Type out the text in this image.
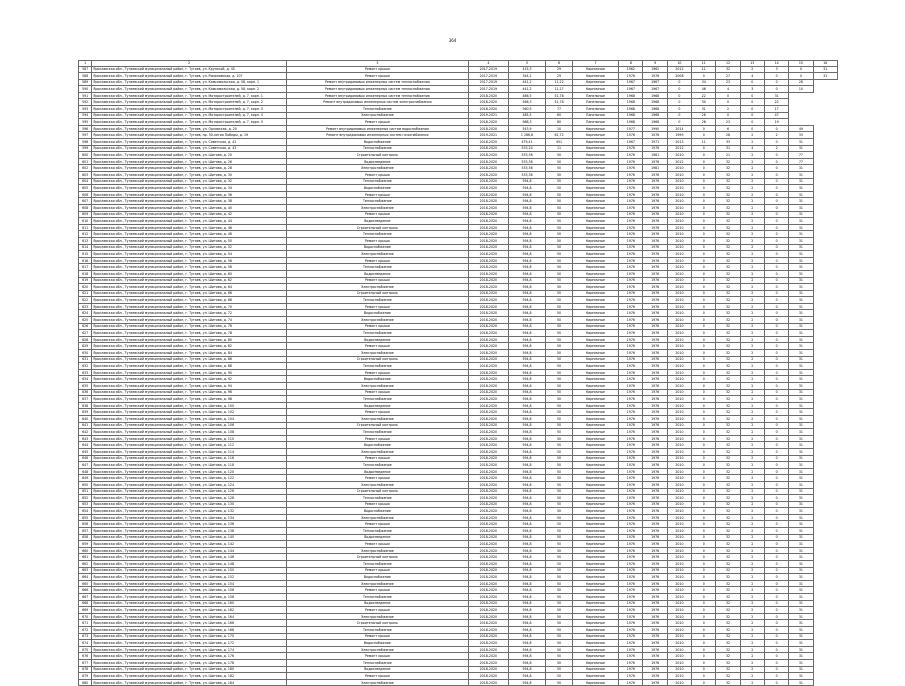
364
1	2	3	4	5	6	7	8	9	10	11	12	13	14	15	16
587	Ярославская обл., Тутаевский муниципальный район, г. Тутаев, ул. Крупской, д. 45	Ремонт крыши	2017-2019	415,3	29	Кирпичные	1962	1962	2012	11	32	2	3	0	31
588	Ярославская обл., Тутаевский муниципальный район, г. Тутаев, ул. Романовская, д. 107	Ремонт крыши	2017-2019	344,1	29	Кирпичные	1976	1976	2008	0	27	4	0	0	31
589	Ярославская обл., Тутаевский муниципальный район, г. Тутаев, ул. Комсомольская, д. 58, корп. 1	Ремонт внутридомовых инженерных систем теплоснабжения	2017-2019	441,2	11,22	Кирпичные	1967	1967	0	34	23	0	0	28	
590	Ярославская обл., Тутаевский муниципальный район, г. Тутаев, ул. Комсомольская, д. 58, корп. 2	Ремонт внутридомовых инженерных систем теплоснабжения	2017-2019	441,2	11,27	Кирпичные	1967	1967	0	46	4	3	0	10	
591	Ярославская обл., Тутаевский муниципальный район, г. Тутаев, ул. Моторостроителей, д. 7, корп. 1	Ремонт внутридомовых инженерных систем теплоснабжения	2018-2020	486,5	51,78	Панельные	1968	1968	0	22	0	0	31		
592	Ярославская обл., Тутаевский муниципальный район, г. Тутаев, ул. Моторостроителей, д. 7, корп. 2	Ремонт внутридомовых инженерных систем электроснабжения	2018-2020	566,3	51,78	Панельные	1968	1968	0	30	0	0	22		
593	Ярославская обл., Тутаевский муниципальный район, г. Тутаев, ул. Моторостроителей, д. 7, корп. 3	Теплоснабжение	2018-2020	560,5	77	Панельные	1968	1968	0	31	2	0	17		
594	Ярославская обл., Тутаевский муниципальный район, г. Тутаев, ул. Моторостроителей, д. 7, корп. 4	Электроснабжение	2019-2021	485,5	60	Панельные	1968	1968	0	26	0	0	47		
595	Ярославская обл., Тутаевский муниципальный район, г. Тутаев, ул. Моторостроителей, д. 7, корп. 5	Ремонт крыши	2018-2020	988,3	60	Панельные	1968	1968	0	28	23	0	19		
596	Ярославская обл., Тутаевский муниципальный район, г. Тутаев, ул. Орловская, д. 20	Ремонт внутридомовых инженерных систем водоснабжения	2018-2020	543,9	10	Кирпичные	1977	1990	2014	0	6	0	0	49	
597	Ярославская обл., Тутаевский муниципальный район, г. Тутаев, пр. 50-летия Победы, д. 19	Ремонт внутридомовых инженерных систем газоснабжения	2019-2021	1 286,8	61,72	Кирпичные	1976	1976	1999	0	28	2	2	33	
598	Ярославская обл., Тутаевский муниципальный район, г. Тутаев, ул. Советская, д. 41	Водоснабжение	2018-2020	479,41	451	Кирпичные	1967	1971	2013	11	33	2	0	31	
599	Ярославская обл., Тутаевский муниципальный район, г. Тутаев, ул. Советская, д. 43	Теплоснабжение	2018-2020	533,24	11	Кирпичные	1976	1976	2012	0	31	4	2	31	
600	Ярославская обл., Тутаевский муниципальный район, г. Тутаев, ул. Шитова, д. 20	Строительный контроль	2018-2020	533,36	50	Кирпичные	1976	1981	2010	0	21	2	0	77	
601	Ярославская обл., Тутаевский муниципальный район, г. Тутаев, ул. Шитова, д. 26	Водоотведение	2018-2020	533,36	50	Кирпичные	1976	1976	2012	0	32	2	0	77	
602	Ярославская обл., Тутаевский муниципальный район, г. Тутаев, ул. Шитова, д. 28	Электроснабжение	2018-2020	533,36	50	Кирпичные	1976	1981	2010	0	32	2	0	31	
603	Ярославская обл., Тутаевский муниципальный район, г. Тутаев, ул. Шитова, д. 30	Ремонт крыши	2018-2020	533,36	50	Кирпичные	1976	1976	2010	0	32	2	0	31	
604	Ярославская обл., Тутаевский муниципальный район, г. Тутаев, ул. Шитова, д. 32	Теплоснабжение	2018-2020	594,8	50	Кирпичные	1976	1976	2010	0	32	2	0	31	
605	Ярославская обл., Тутаевский муниципальный район, г. Тутаев, ул. Шитова, д. 34	Водоснабжение	2018-2020	594,8	50	Кирпичные	1976	1976	2010	0	32	2	0	31	
606	Ярославская обл., Тутаевский муниципальный район, г. Тутаев, ул. Шитова, д. 36	Ремонт крыши	2018-2020	594,8	50	Кирпичные	1976	1976	2010	0	32	2	0	31	
607	Ярославская обл., Тутаевский муниципальный район, г. Тутаев, ул. Шитова, д. 38	Теплоснабжение	2018-2020	594,8	50	Кирпичные	1976	1976	2010	0	32	2	0	31	
608	Ярославская обл., Тутаевский муниципальный район, г. Тутаев, ул. Шитова, д. 40	Электроснабжение	2018-2020	594,8	50	Кирпичные	1976	1976	2010	0	32	2	0	31	
609	Ярославская обл., Тутаевский муниципальный район, г. Тутаев, ул. Шитова, д. 42	Ремонт крыши	2018-2020	594,8	50	Кирпичные	1976	1976	2010	0	32	2	0	31	
610	Ярославская обл., Тутаевский муниципальный район, г. Тутаев, ул. Шитова, д. 44	Водоотведение	2018-2020	594,8	50	Кирпичные	1976	1976	2010	0	32	2	0	31	
611	Ярославская обл., Тутаевский муниципальный район, г. Тутаев, ул. Шитова, д. 46	Строительный контроль	2018-2020	594,8	50	Кирпичные	1976	1976	2010	0	32	2	0	31	
612	Ярославская обл., Тутаевский муниципальный район, г. Тутаев, ул. Шитова, д. 48	Теплоснабжение	2018-2020	594,8	50	Кирпичные	1976	1976	2010	0	32	2	0	31	
613	Ярославская обл., Тутаевский муниципальный район, г. Тутаев, ул. Шитова, д. 50	Ремонт крыши	2018-2020	594,8	50	Кирпичные	1976	1976	2010	0	32	2	0	31	
614	Ярославская обл., Тутаевский муниципальный район, г. Тутаев, ул. Шитова, д. 52	Водоснабжение	2018-2020	594,8	50	Кирпичные	1976	1976	2010	0	32	2	0	31	
615	Ярославская обл., Тутаевский муниципальный район, г. Тутаев, ул. Шитова, д. 54	Электроснабжение	2018-2020	594,8	50	Кирпичные	1976	1976	2010	0	32	2	0	31	
616	Ярославская обл., Тутаевский муниципальный район, г. Тутаев, ул. Шитова, д. 56	Ремонт крыши	2018-2020	594,8	50	Кирпичные	1976	1976	2010	0	32	2	0	31	
617	Ярославская обл., Тутаевский муниципальный район, г. Тутаев, ул. Шитова, д. 58	Теплоснабжение	2018-2020	594,8	50	Кирпичные	1976	1976	2010	0	32	2	0	31	
618	Ярославская обл., Тутаевский муниципальный район, г. Тутаев, ул. Шитова, д. 60	Водоотведение	2018-2020	594,8	50	Кирпичные	1976	1976	2010	0	32	2	0	31	
619	Ярославская обл., Тутаевский муниципальный район, г. Тутаев, ул. Шитова, д. 62	Ремонт крыши	2018-2020	594,8	50	Кирпичные	1976	1976	2010	0	32	2	0	31	
620	Ярославская обл., Тутаевский муниципальный район, г. Тутаев, ул. Шитова, д. 64	Электроснабжение	2018-2020	594,8	50	Кирпичные	1976	1976	2010	0	32	2	0	31	
621	Ярославская обл., Тутаевский муниципальный район, г. Тутаев, ул. Шитова, д. 66	Строительный контроль	2018-2020	594,8	50	Кирпичные	1976	1976	2010	0	32	2	0	31	
622	Ярославская обл., Тутаевский муниципальный район, г. Тутаев, ул. Шитова, д. 68	Теплоснабжение	2018-2020	594,8	50	Кирпичные	1976	1976	2010	0	32	2	0	31	
623	Ярославская обл., Тутаевский муниципальный район, г. Тутаев, ул. Шитова, д. 70	Ремонт крыши	2018-2020	594,8	50	Кирпичные	1976	1976	2010	0	32	2	0	31	
624	Ярославская обл., Тутаевский муниципальный район, г. Тутаев, ул. Шитова, д. 72	Водоснабжение	2018-2020	594,8	50	Кирпичные	1976	1976	2010	0	32	2	0	31	
625	Ярославская обл., Тутаевский муниципальный район, г. Тутаев, ул. Шитова, д. 74	Электроснабжение	2018-2020	594,8	50	Кирпичные	1976	1976	2010	0	32	2	0	31	
626	Ярославская обл., Тутаевский муниципальный район, г. Тутаев, ул. Шитова, д. 76	Ремонт крыши	2018-2020	594,8	50	Кирпичные	1976	1976	2010	0	32	2	0	31	
627	Ярославская обл., Тутаевский муниципальный район, г. Тутаев, ул. Шитова, д. 78	Теплоснабжение	2018-2020	594,8	50	Кирпичные	1976	1976	2010	0	32	2	0	31	
628	Ярославская обл., Тутаевский муниципальный район, г. Тутаев, ул. Шитова, д. 80	Водоотведение	2018-2020	594,8	50	Кирпичные	1976	1976	2010	0	32	2	0	31	
629	Ярославская обл., Тутаевский муниципальный район, г. Тутаев, ул. Шитова, д. 82	Ремонт крыши	2018-2020	594,8	50	Кирпичные	1976	1976	2010	0	32	2	0	31	
630	Ярославская обл., Тутаевский муниципальный район, г. Тутаев, ул. Шитова, д. 84	Электроснабжение	2018-2020	594,8	50	Кирпичные	1976	1976	2010	0	32	2	0	31	
631	Ярославская обл., Тутаевский муниципальный район, г. Тутаев, ул. Шитова, д. 86	Строительный контроль	2018-2020	594,8	50	Кирпичные	1976	1976	2010	0	32	2	0	31	
632	Ярославская обл., Тутаевский муниципальный район, г. Тутаев, ул. Шитова, д. 88	Теплоснабжение	2018-2020	594,8	50	Кирпичные	1976	1976	2010	0	32	2	0	31	
633	Ярославская обл., Тутаевский муниципальный район, г. Тутаев, ул. Шитова, д. 90	Ремонт крыши	2018-2020	594,8	50	Кирпичные	1976	1976	2010	0	32	2	0	31	
634	Ярославская обл., Тутаевский муниципальный район, г. Тутаев, ул. Шитова, д. 92	Водоснабжение	2018-2020	594,8	50	Кирпичные	1976	1976	2010	0	32	2	0	31	
635	Ярославская обл., Тутаевский муниципальный район, г. Тутаев, ул. Шитова, д. 94	Электроснабжение	2018-2020	594,8	50	Кирпичные	1976	1976	2010	0	32	2	0	31	
636	Ярославская обл., Тутаевский муниципальный район, г. Тутаев, ул. Шитова, д. 96	Ремонт крыши	2018-2020	594,8	50	Кирпичные	1976	1976	2010	0	32	2	0	31	
637	Ярославская обл., Тутаевский муниципальный район, г. Тутаев, ул. Шитова, д. 98	Теплоснабжение	2018-2020	594,8	50	Кирпичные	1976	1976	2010	0	32	2	0	31	
638	Ярославская обл., Тутаевский муниципальный район, г. Тутаев, ул. Шитова, д. 100	Водоотведение	2018-2020	594,8	50	Кирпичные	1976	1976	2010	0	32	2	0	31	
639	Ярославская обл., Тутаевский муниципальный район, г. Тутаев, ул. Шитова, д. 102	Ремонт крыши	2018-2020	594,8	50	Кирпичные	1976	1976	2010	0	32	2	0	31	
640	Ярославская обл., Тутаевский муниципальный район, г. Тутаев, ул. Шитова, д. 104	Электроснабжение	2018-2020	594,8	50	Кирпичные	1976	1976	2010	0	32	2	0	31	
641	Ярославская обл., Тутаевский муниципальный район, г. Тутаев, ул. Шитова, д. 106	Строительный контроль	2018-2020	594,8	50	Кирпичные	1976	1976	2010	0	32	2	0	31	
642	Ярославская обл., Тутаевский муниципальный район, г. Тутаев, ул. Шитова, д. 108	Теплоснабжение	2018-2020	594,8	50	Кирпичные	1976	1976	2010	0	32	2	0	31	
643	Ярославская обл., Тутаевский муниципальный район, г. Тутаев, ул. Шитова, д. 110	Ремонт крыши	2018-2020	594,8	50	Кирпичные	1976	1976	2010	0	32	2	0	31	
644	Ярославская обл., Тутаевский муниципальный район, г. Тутаев, ул. Шитова, д. 112	Водоснабжение	2018-2020	594,8	50	Кирпичные	1976	1976	2010	0	32	2	0	31	
645	Ярославская обл., Тутаевский муниципальный район, г. Тутаев, ул. Шитова, д. 114	Электроснабжение	2018-2020	594,8	50	Кирпичные	1976	1976	2010	0	32	2	0	31	
646	Ярославская обл., Тутаевский муниципальный район, г. Тутаев, ул. Шитова, д. 116	Ремонт крыши	2018-2020	594,8	50	Кирпичные	1976	1976	2010	0	32	2	0	31	
647	Ярославская обл., Тутаевский муниципальный район, г. Тутаев, ул. Шитова, д. 118	Теплоснабжение	2018-2020	594,8	50	Кирпичные	1976	1976	2010	0	32	2	0	31	
648	Ярославская обл., Тутаевский муниципальный район, г. Тутаев, ул. Шитова, д. 120	Водоотведение	2018-2020	594,8	50	Кирпичные	1976	1976	2010	0	32	2	0	31	
649	Ярославская обл., Тутаевский муниципальный район, г. Тутаев, ул. Шитова, д. 122	Ремонт крыши	2018-2020	594,8	50	Кирпичные	1976	1976	2010	0	32	2	0	31	
650	Ярославская обл., Тутаевский муниципальный район, г. Тутаев, ул. Шитова, д. 124	Электроснабжение	2018-2020	594,8	50	Кирпичные	1976	1976	2010	0	32	2	0	31	
651	Ярославская обл., Тутаевский муниципальный район, г. Тутаев, ул. Шитова, д. 126	Строительный контроль	2018-2020	594,8	50	Кирпичные	1976	1976	2010	0	32	2	0	31	
652	Ярославская обл., Тутаевский муниципальный район, г. Тутаев, ул. Шитова, д. 128	Теплоснабжение	2018-2020	594,8	50	Кирпичные	1976	1976	2010	0	32	2	0	31	
653	Ярославская обл., Тутаевский муниципальный район, г. Тутаев, ул. Шитова, д. 130	Ремонт крыши	2018-2020	594,8	50	Кирпичные	1976	1976	2010	0	32	2	0	31	
654	Ярославская обл., Тутаевский муниципальный район, г. Тутаев, ул. Шитова, д. 132	Водоснабжение	2018-2020	594,8	50	Кирпичные	1976	1976	2010	0	32	2	0	31	
655	Ярославская обл., Тутаевский муниципальный район, г. Тутаев, ул. Шитова, д. 134	Электроснабжение	2018-2020	594,8	50	Кирпичные	1976	1976	2010	0	32	2	0	31	
656	Ярославская обл., Тутаевский муниципальный район, г. Тутаев, ул. Шитова, д. 136	Ремонт крыши	2018-2020	594,8	50	Кирпичные	1976	1976	2010	0	32	2	0	31	
657	Ярославская обл., Тутаевский муниципальный район, г. Тутаев, ул. Шитова, д. 138	Теплоснабжение	2018-2020	594,8	50	Кирпичные	1976	1976	2010	0	32	2	0	31	
658	Ярославская обл., Тутаевский муниципальный район, г. Тутаев, ул. Шитова, д. 140	Водоотведение	2018-2020	594,8	50	Кирпичные	1976	1976	2010	0	32	2	0	31	
659	Ярославская обл., Тутаевский муниципальный район, г. Тутаев, ул. Шитова, д. 142	Ремонт крыши	2018-2020	594,8	50	Кирпичные	1976	1976	2010	0	32	2	0	31	
660	Ярославская обл., Тутаевский муниципальный район, г. Тутаев, ул. Шитова, д. 144	Электроснабжение	2018-2020	594,8	50	Кирпичные	1976	1976	2010	0	32	2	0	31	
661	Ярославская обл., Тутаевский муниципальный район, г. Тутаев, ул. Шитова, д. 146	Строительный контроль	2018-2020	594,8	50	Кирпичные	1976	1976	2010	0	32	2	0	31	
662	Ярославская обл., Тутаевский муниципальный район, г. Тутаев, ул. Шитова, д. 148	Теплоснабжение	2018-2020	594,8	50	Кирпичные	1976	1976	2010	0	32	2	0	31	
663	Ярославская обл., Тутаевский муниципальный район, г. Тутаев, ул. Шитова, д. 150	Ремонт крыши	2018-2020	594,8	50	Кирпичные	1976	1976	2010	0	32	2	0	31	
664	Ярославская обл., Тутаевский муниципальный район, г. Тутаев, ул. Шитова, д. 152	Водоснабжение	2018-2020	594,8	50	Кирпичные	1976	1976	2010	0	32	2	0	31	
665	Ярославская обл., Тутаевский муниципальный район, г. Тутаев, ул. Шитова, д. 154	Электроснабжение	2018-2020	594,8	50	Кирпичные	1976	1976	2010	0	32	2	0	31	
666	Ярославская обл., Тутаевский муниципальный район, г. Тутаев, ул. Шитова, д. 156	Ремонт крыши	2018-2020	594,8	50	Кирпичные	1976	1976	2010	0	32	2	0	31	
667	Ярославская обл., Тутаевский муниципальный район, г. Тутаев, ул. Шитова, д. 158	Теплоснабжение	2018-2020	594,8	50	Кирпичные	1976	1976	2010	0	32	2	0	31	
668	Ярославская обл., Тутаевский муниципальный район, г. Тутаев, ул. Шитова, д. 160	Водоотведение	2018-2020	594,8	50	Кирпичные	1976	1976	2010	0	32	2	0	31	
669	Ярославская обл., Тутаевский муниципальный район, г. Тутаев, ул. Шитова, д. 162	Ремонт крыши	2018-2020	594,8	50	Кирпичные	1976	1976	2010	0	32	2	0	31	
670	Ярославская обл., Тутаевский муниципальный район, г. Тутаев, ул. Шитова, д. 164	Электроснабжение	2018-2020	594,8	50	Кирпичные	1976	1976	2010	0	32	2	0	31	
671	Ярославская обл., Тутаевский муниципальный район, г. Тутаев, ул. Шитова, д. 166	Строительный контроль	2018-2020	594,8	50	Кирпичные	1976	1976	2010	0	32	2	0	31	
672	Ярославская обл., Тутаевский муниципальный район, г. Тутаев, ул. Шитова, д. 168	Теплоснабжение	2018-2020	594,8	50	Кирпичные	1976	1976	2010	0	32	2	0	31	
673	Ярославская обл., Тутаевский муниципальный район, г. Тутаев, ул. Шитова, д. 170	Ремонт крыши	2018-2020	594,8	50	Кирпичные	1976	1976	2010	0	32	2	0	31	
674	Ярославская обл., Тутаевский муниципальный район, г. Тутаев, ул. Шитова, д. 172	Водоснабжение	2018-2020	594,8	50	Кирпичные	1976	1976	2010	0	32	2	0	31	
675	Ярославская обл., Тутаевский муниципальный район, г. Тутаев, ул. Шитова, д. 174	Электроснабжение	2018-2020	594,8	50	Кирпичные	1976	1976	2010	0	32	2	0	31	
676	Ярославская обл., Тутаевский муниципальный район, г. Тутаев, ул. Шитова, д. 176	Ремонт крыши	2018-2020	594,8	50	Кирпичные	1976	1976	2010	0	32	2	0	31	
677	Ярославская обл., Тутаевский муниципальный район, г. Тутаев, ул. Шитова, д. 178	Теплоснабжение	2018-2020	594,8	50	Кирпичные	1976	1976	2010	0	32	2	0	31	
678	Ярославская обл., Тутаевский муниципальный район, г. Тутаев, ул. Шитова, д. 180	Водоотведение	2018-2020	594,8	50	Кирпичные	1976	1976	2010	0	32	2	0	31	
679	Ярославская обл., Тутаевский муниципальный район, г. Тутаев, ул. Шитова, д. 182	Ремонт крыши	2018-2020	594,8	50	Кирпичные	1976	1976	2010	0	32	2	0	31	
680	Ярославская обл., Тутаевский муниципальный район, г. Тутаев, ул. Шитова, д. 184	Электроснабжение	2018-2020	594,8	50	Кирпичные	1976	1976	2010	0	32	2	0	31	
